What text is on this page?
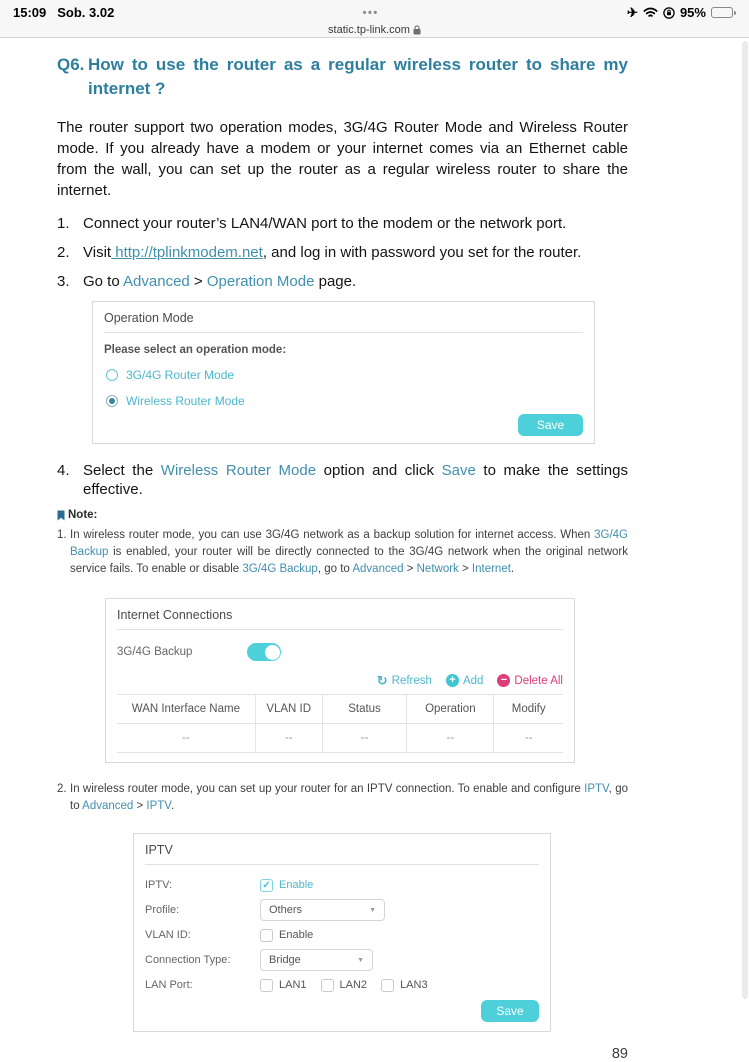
15:09 Sob. 3.02	•••	✈	95%
static.tp-link.com
Q6. How to use the router as a regular wireless router to share my internet ?
The router support two operation modes, 3G/4G Router Mode and Wireless Router mode. If you already have a modem or your internet comes via an Ethernet cable from the wall, you can set up the router as a regular wireless router to share the internet.
1. Connect your router’s LAN4/WAN port to the modem or the network port.
2. Visit http://tplinkmodem.net, and log in with password you set for the router.
3. Go to Advanced > Operation Mode page.
Operation Mode
Please select an operation mode:
3G/4G Router Mode
Wireless Router Mode
Save
4. Select the Wireless Router Mode option and click Save to make the settings effective.
Note:
1. In wireless router mode, you can use 3G/4G network as a backup solution for internet access. When 3G/4G Backup is enabled, your router will be directly connected to the 3G/4G network when the original network service fails. To enable or disable 3G/4G Backup, go to Advanced > Network > Internet.
Internet Connections
3G/4G Backup
↻ Refresh + Add − Delete All
WAN Interface Name	VLAN ID	Status	Operation	Modify
--	--	--	--	--
2. In wireless router mode, you can set up your router for an IPTV connection. To enable and configure IPTV, go to Advanced > IPTV.
IPTV
IPTV:	✓ Enable
Profile:	Others	▼
VLAN ID:	Enable
Connection Type:	Bridge	▼
LAN Port:	LAN1	LAN2	LAN3
Save
89
